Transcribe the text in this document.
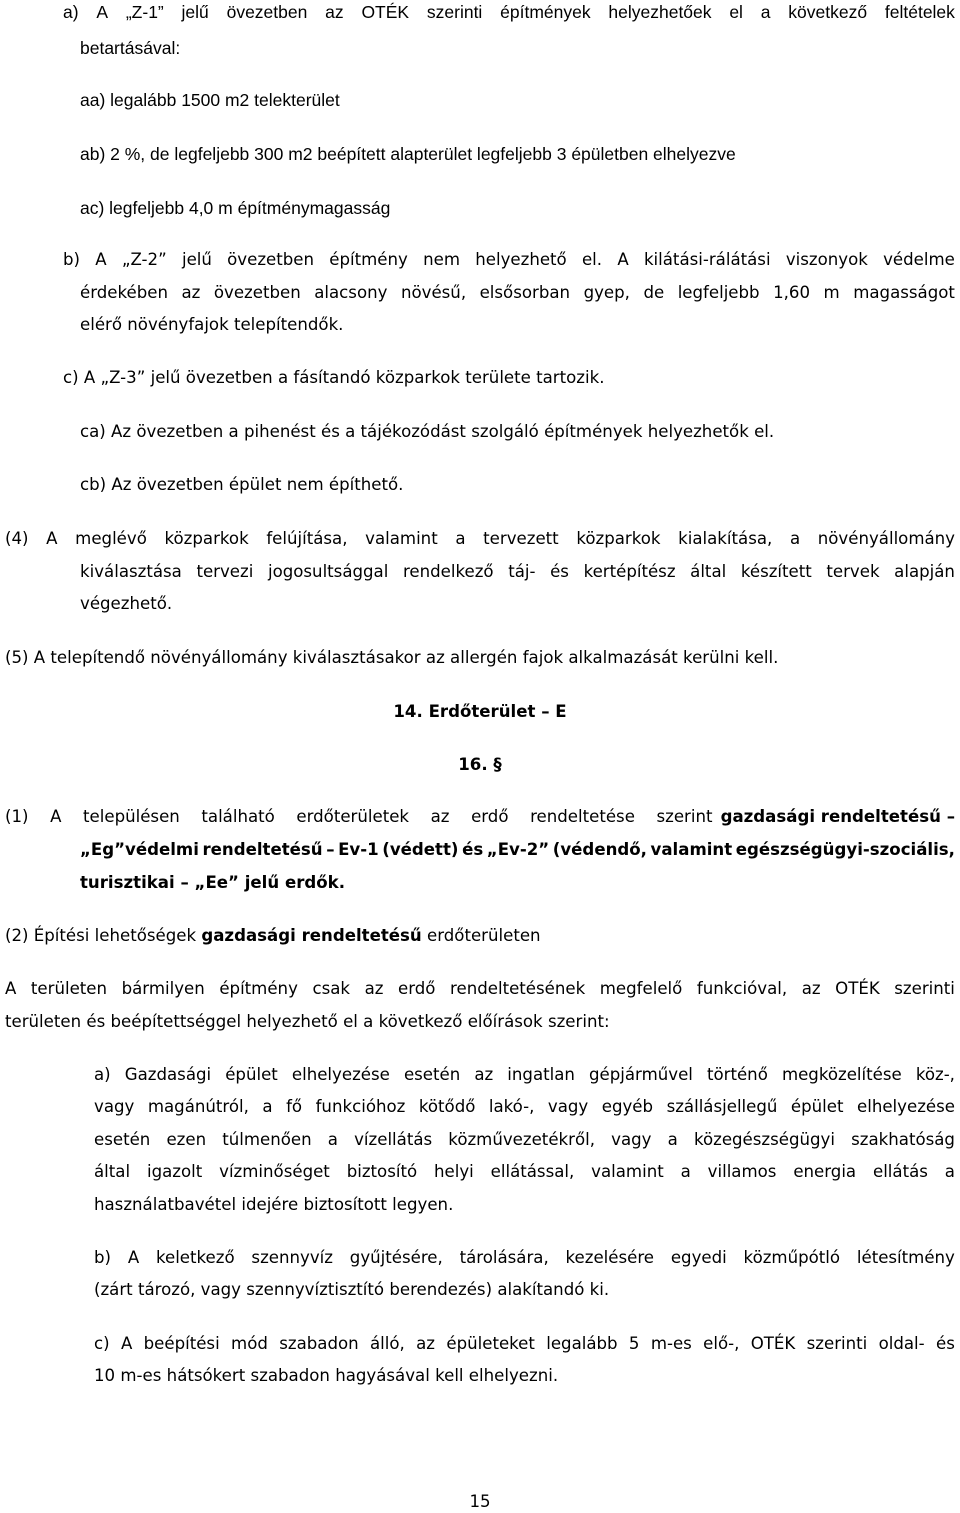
a) A „Z-1” jelű övezetben az OTÉK szerinti építmények helyezhetőek el a következő feltételek
betartásával:
aa) legalább 1500 m2 telekterület
ab) 2 %, de legfeljebb 300 m2 beépített alapterület legfeljebb 3 épületben elhelyezve
ac) legfeljebb 4,0 m építménymagasság
b) A „Z-2” jelű övezetben építmény nem helyezhető el. A kilátási-rálátási viszonyok védelme
érdekében az övezetben alacsony növésű, elsősorban gyep, de legfeljebb 1,60 m magasságot
elérő növényfajok telepítendők.
c) A „Z-3” jelű övezetben a fásítandó közparkok területe tartozik.
ca) Az övezetben a pihenést és a tájékozódást szolgáló építmények helyezhetők el.
cb) Az övezetben épület nem építhető.
(4) A meglévő közparkok felújítása, valamint a tervezett közparkok kialakítása, a növényállomány
kiválasztása tervezi jogosultsággal rendelkező táj- és kertépítész által készített tervek alapján
végezhető.
(5) A telepítendő növényállomány kiválasztásakor az allergén fajok alkalmazását kerülni kell.
14. Erdőterület – E
16. §
(1) A településen található erdőterületek az erdő rendeltetése szerint gazdasági rendeltetésű –
„Eg”védelmi rendeltetésű – Ev-1 (védett) és „Ev-2” (védendő, valamint egészségügyi-szociális,
turisztikai – „Ee” jelű erdők.
(2) Építési lehetőségek gazdasági rendeltetésű erdőterületen
A területen bármilyen építmény csak az erdő rendeltetésének megfelelő funkcióval, az OTÉK szerinti
területen és beépítettséggel helyezhető el a következő előírások szerint:
a) Gazdasági épület elhelyezése esetén az ingatlan gépjárművel történő megközelítése köz-,
vagy magánútról, a fő funkcióhoz kötődő lakó-, vagy egyéb szállásjellegű épület elhelyezése
esetén ezen túlmenően a vízellátás közművezetékről, vagy a közegészségügyi szakhatóság
által igazolt vízminőséget biztosító helyi ellátással, valamint a villamos energia ellátás a
használatbavétel idejére biztosított legyen.
b) A keletkező szennyvíz gyűjtésére, tárolására, kezelésére egyedi közműpótló létesítmény
(zárt tározó, vagy szennyvíztisztító berendezés) alakítandó ki.
c) A beépítési mód szabadon álló, az épületeket legalább 5 m-es elő-, OTÉK szerinti oldal- és
10 m-es hátsókert szabadon hagyásával kell elhelyezni.
15
